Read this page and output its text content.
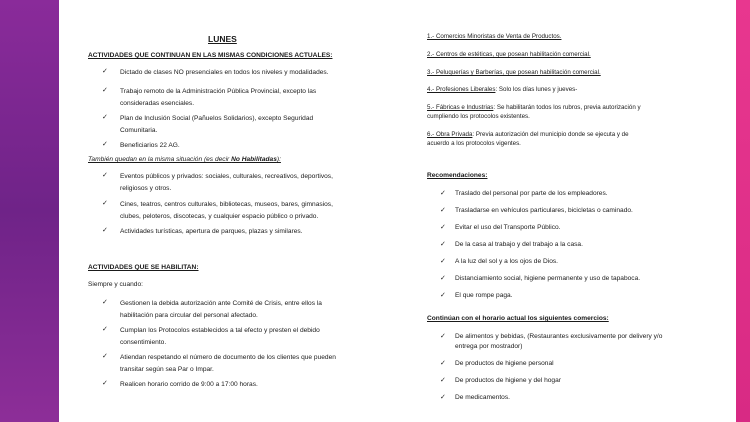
LUNES
ACTIVIDADES QUE CONTINUAN EN LAS MISMAS CONDICIONES ACTUALES:
✓ Dictado de clases NO presenciales en todos los niveles y modalidades.
✓ Trabajo remoto de la Administración Pública Provincial, excepto las
consideradas esenciales.
✓ Plan de Inclusión Social (Pañuelos Solidarios), excepto Seguridad
Comunitaria.
✓ Beneficiarios 22 AG.
También quedan en la misma situación (es decir No Habilitadas):
✓ Eventos públicos y privados: sociales, culturales, recreativos, deportivos,
religiosos y otros.
✓ Cines, teatros, centros culturales, bibliotecas, museos, bares, gimnasios,
clubes, peloteros, discotecas, y cualquier espacio público o privado.
✓ Actividades turísticas, apertura de parques, plazas y similares.
ACTIVIDADES QUE SE HABILITAN:
Siempre y cuando:
✓ Gestionen la debida autorización ante Comité de Crisis, entre ellos la
habilitación para circular del personal afectado.
✓ Cumplan los Protocolos establecidos a tal efecto y presten el debido
consentimiento.
✓ Atiendan respetando el número de documento de los clientes que pueden
transitar según sea Par o Impar.
✓ Realicen horario corrido de 9:00 a 17:00 horas.
1.- Comercios Minoristas de Venta de Productos.
2.- Centros de estéticas, que posean habilitación comercial.
3.- Peluquerías y Barberías, que posean habilitación comercial.
4.- Profesiones Liberales: Solo los días lunes y jueves-
5.- Fábricas e Industrias: Se habilitarán todos los rubros, previa autorización y
cumpliendo los protocolos existentes.
6.- Obra Privada: Previa autorización del municipio donde se ejecuta y de
acuerdo a los protocolos vigentes.
Recomendaciones:
✓ Traslado del personal por parte de los empleadores.
✓ Trasladarse en vehículos particulares, bicicletas o caminado.
✓ Evitar el uso del Transporte Público.
✓ De la casa al trabajo y del trabajo a la casa.
✓ A la luz del sol y a los ojos de Dios.
✓ Distanciamiento social, higiene permanente y uso de tapaboca.
✓ El que rompe paga.
Continúan con el horario actual los siguientes comercios:
✓ De alimentos y bebidas, (Restaurantes exclusivamente por delivery y/o
entrega por mostrador)
✓ De productos de higiene personal
✓ De productos de higiene y del hogar
✓ De medicamentos.
